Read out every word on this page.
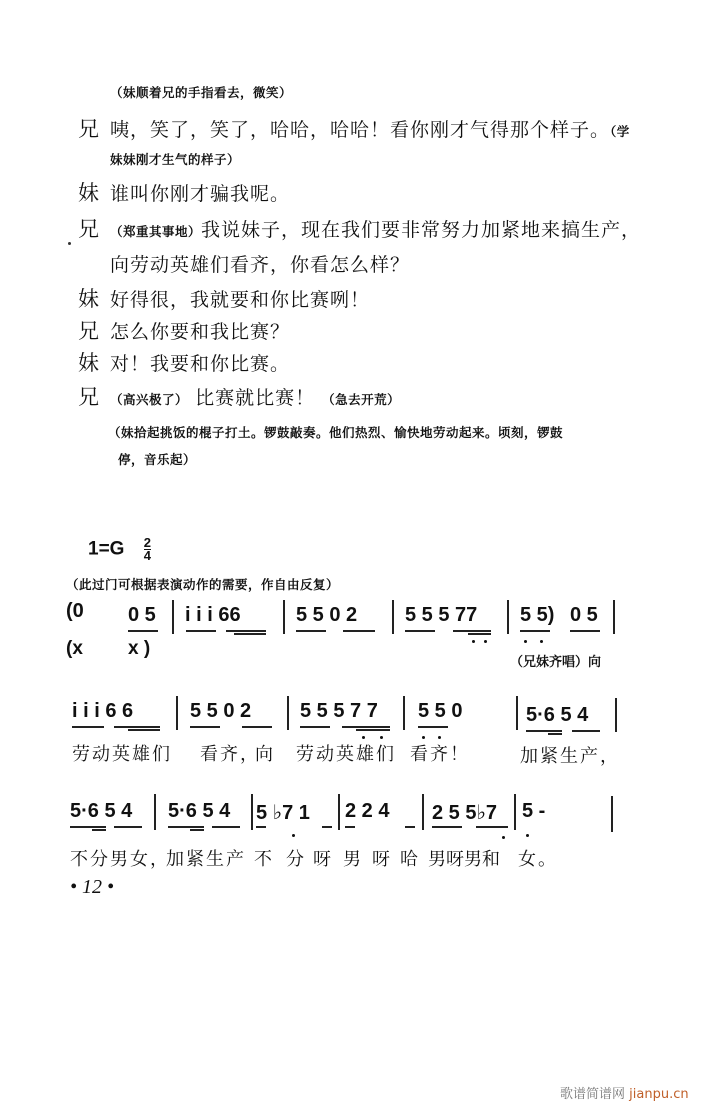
（妹顺着兄的手指看去，微笑）
兄 咦，笑了，笑了，哈哈，哈哈！看你刚才气得那个样子。（学
妹妹刚才生气的样子）
妹 谁叫你刚才骗我呢。
兄 （郑重其事地）我说妹子，现在我们要非常努力加紧地来搞生产，
向劳动英雄们看齐，你看怎么样？
妹 好得很，我就要和你比赛咧！
兄 怎么你要和我比赛？
妹 对！我要和你比赛。
兄 （高兴极了） 比赛就比赛！ （急去开荒）
（妹拾起挑饭的棍子打土。锣鼓敲奏。他们热烈、愉快地劳动起来。顷刻，锣鼓
停，音乐起）
$1=G \frac{2}{4}$
（此过门可根据表演动作的需要，作自由反复）
(0 0 5 i i i 66	5 5 0 2 5 5 5 77 5 5) 0 5
(x x )
（兄妹齐唱）向
i i i 6 6	5 5 0 2 5 5 5 7 7 5 5 0	5·6 5 4
劳动英雄们 看齐，
向 劳动英雄们 看齐！	加紧生产，
5·6 5 4 5·6 5 4 5 ♭7 1 2 2 4 2 5 5♭7 5 -
不分男女，
加紧生产 不 分 呀 男 呀 哈 男呀男和 女。
• 12 •
歌谱简谱网 jianpu.cn
